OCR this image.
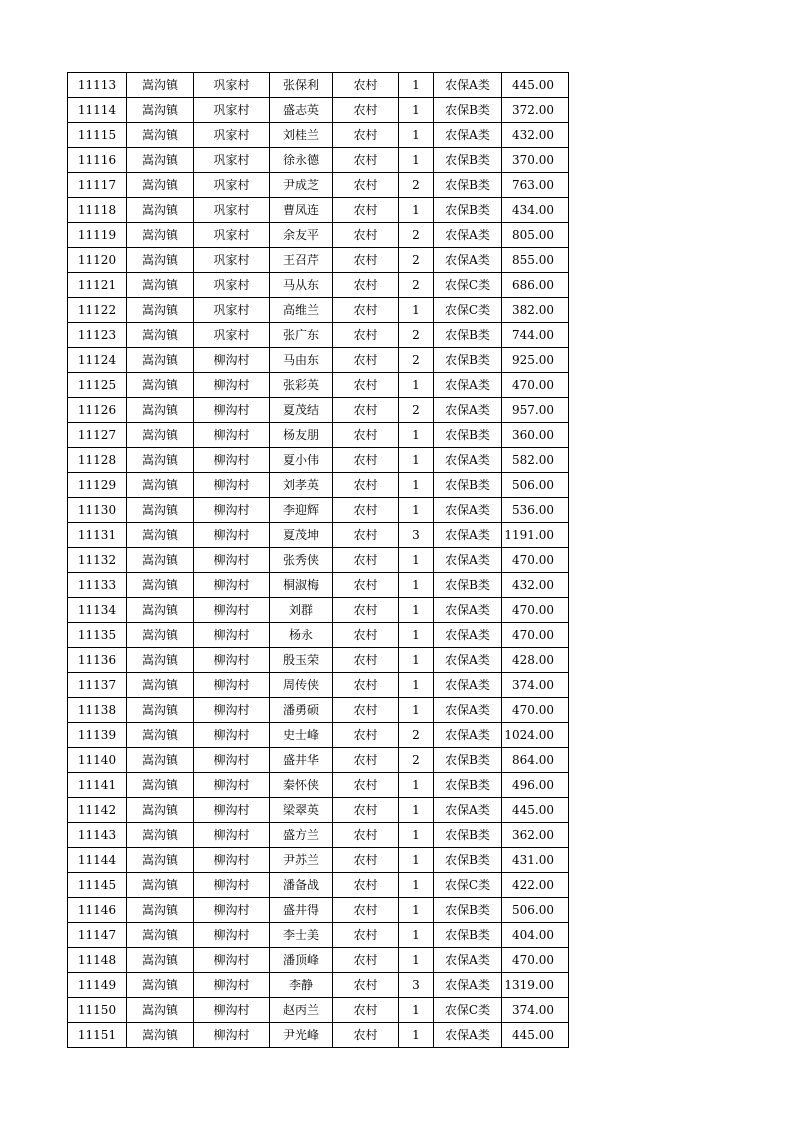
11113	嵩沟镇	巩家村	张保利	农村	1	农保A类	445.00
11114	嵩沟镇	巩家村	盛志英	农村	1	农保B类	372.00
11115	嵩沟镇	巩家村	刘桂兰	农村	1	农保A类	432.00
11116	嵩沟镇	巩家村	徐永德	农村	1	农保B类	370.00
11117	嵩沟镇	巩家村	尹成芝	农村	2	农保B类	763.00
11118	嵩沟镇	巩家村	曹凤连	农村	1	农保B类	434.00
11119	嵩沟镇	巩家村	余友平	农村	2	农保A类	805.00
11120	嵩沟镇	巩家村	王召芹	农村	2	农保A类	855.00
11121	嵩沟镇	巩家村	马从东	农村	2	农保C类	686.00
11122	嵩沟镇	巩家村	高维兰	农村	1	农保C类	382.00
11123	嵩沟镇	巩家村	张广东	农村	2	农保B类	744.00
11124	嵩沟镇	柳沟村	马由东	农村	2	农保B类	925.00
11125	嵩沟镇	柳沟村	张彩英	农村	1	农保A类	470.00
11126	嵩沟镇	柳沟村	夏茂结	农村	2	农保A类	957.00
11127	嵩沟镇	柳沟村	杨友朋	农村	1	农保B类	360.00
11128	嵩沟镇	柳沟村	夏小伟	农村	1	农保A类	582.00
11129	嵩沟镇	柳沟村	刘孝英	农村	1	农保B类	506.00
11130	嵩沟镇	柳沟村	李迎辉	农村	1	农保A类	536.00
11131	嵩沟镇	柳沟村	夏茂坤	农村	3	农保A类	1191.00
11132	嵩沟镇	柳沟村	张秀侠	农村	1	农保A类	470.00
11133	嵩沟镇	柳沟村	桐淑梅	农村	1	农保B类	432.00
11134	嵩沟镇	柳沟村	刘群	农村	1	农保A类	470.00
11135	嵩沟镇	柳沟村	杨永	农村	1	农保A类	470.00
11136	嵩沟镇	柳沟村	殷玉荣	农村	1	农保A类	428.00
11137	嵩沟镇	柳沟村	周传侠	农村	1	农保A类	374.00
11138	嵩沟镇	柳沟村	潘勇硕	农村	1	农保A类	470.00
11139	嵩沟镇	柳沟村	史士峰	农村	2	农保A类	1024.00
11140	嵩沟镇	柳沟村	盛井华	农村	2	农保B类	864.00
11141	嵩沟镇	柳沟村	秦怀侠	农村	1	农保B类	496.00
11142	嵩沟镇	柳沟村	梁翠英	农村	1	农保A类	445.00
11143	嵩沟镇	柳沟村	盛方兰	农村	1	农保B类	362.00
11144	嵩沟镇	柳沟村	尹苏兰	农村	1	农保B类	431.00
11145	嵩沟镇	柳沟村	潘备战	农村	1	农保C类	422.00
11146	嵩沟镇	柳沟村	盛井得	农村	1	农保B类	506.00
11147	嵩沟镇	柳沟村	李士美	农村	1	农保B类	404.00
11148	嵩沟镇	柳沟村	潘顶峰	农村	1	农保A类	470.00
11149	嵩沟镇	柳沟村	李静	农村	3	农保A类	1319.00
11150	嵩沟镇	柳沟村	赵丙兰	农村	1	农保C类	374.00
11151	嵩沟镇	柳沟村	尹光峰	农村	1	农保A类	445.00
